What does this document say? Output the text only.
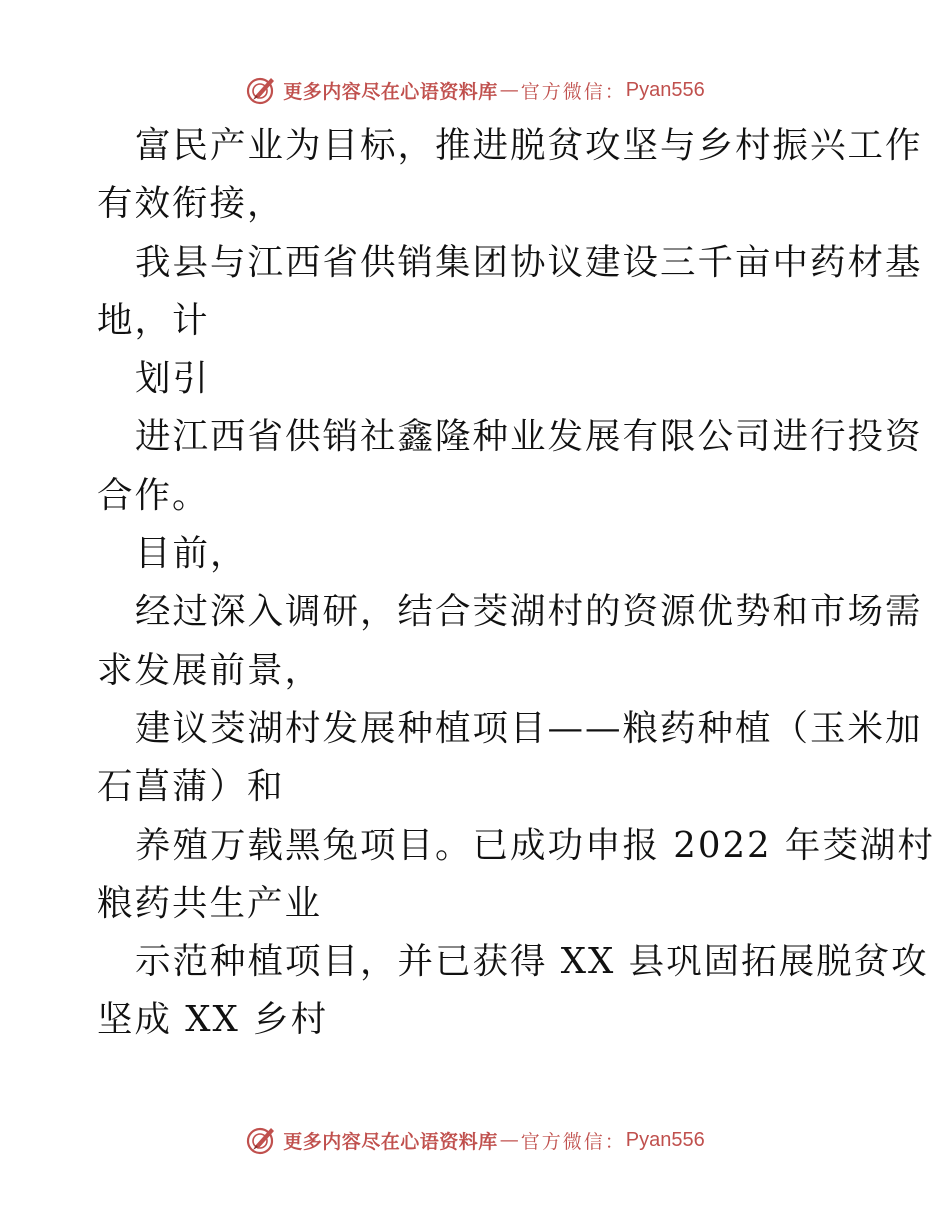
更多内容尽在心语资料库 — 官方微信： Pyan556
富民产业为目标，推进脱贫攻坚与乡村振兴工作
有效衔接，
我县与江西省供销集团协议建设三千亩中药材基
地，计
划引
进江西省供销社鑫隆种业发展有限公司进行投资
合作。
目前，
经过深入调研，结合茭湖村的资源优势和市场需
求发展前景，
建议茭湖村发展种植项目——粮药种植（玉米加
石菖蒲）和
养殖万载黑兔项目。已成功申报 2022 年茭湖村
粮药共生产业
示范种植项目，并已获得 XX 县巩固拓展脱贫攻
坚成 XX 乡村
更多内容尽在心语资料库 — 官方微信： Pyan556
